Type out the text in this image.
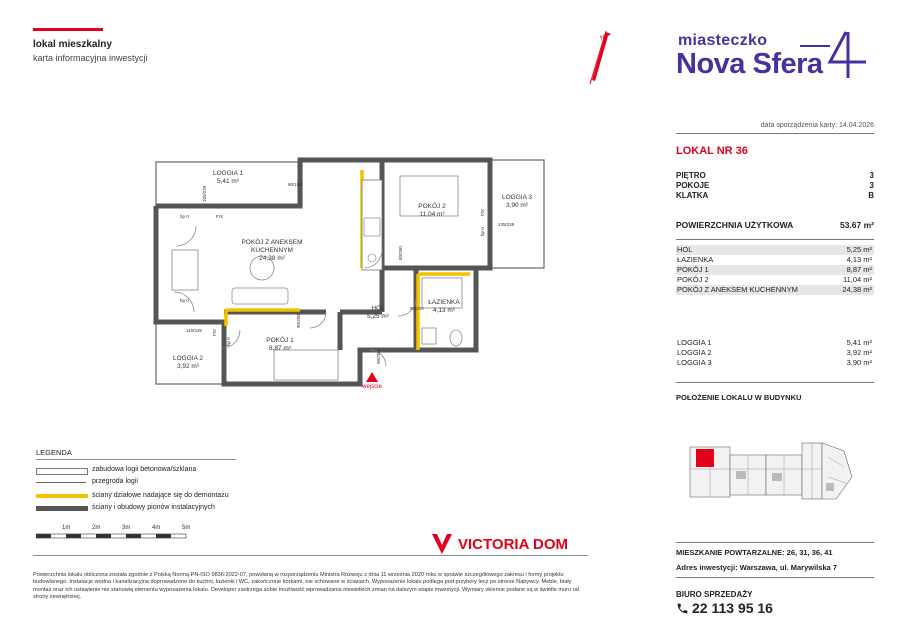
lokal mieszkalny
karta informacyjna inwestycji
N	miasteczko
Nova Sfera
data sporządzenia karty: 14.04.2026
LOKAL NR 36
PIĘTRO	3
POKOJE	3
KLATKA	B
POWIERZCHNIA UŻYTKOWA	53.67 m²
HOL	5,25 m²
ŁAZIENKA	4,13 m²
POKÓJ 1	8,87 m²
POKÓJ 2	11,04 m²
POKÓJ Z ANEKSEM KUCHENNYM	24,38 m²
LOGGIA 1	5,41 m²
LOGGIA 2	3,92 m²
LOGGIA 3	3,90 m²
POŁOŻENIE LOKALU W BUDYNKU
MIESZKANIE POWTARZALNE: 26, 31, 36, 41
Adres inwestycji: Warszawa, ul. Marywilska 7
BIURO SPRZEDAŻY
22 113 95 16
wejście
LOGGIA 1
5,41 m²
LOGGIA 3
3,90 m²
LOGGIA 2
3,92 m²
POKÓJ Z ANEKSEM
KUCHENNYM
24,38 m²
POKÓJ 2
11,04 m²
POKÓJ 1
8,87 m²
HOL
5,25 m²
ŁAZIENKA
4,13 m²
80/200
90/200
80/200
90/200
160/239
90/154
135/239
110/239
hp 0
hp 0
hp 0
hp 0
FIX
FIX
FIX
LEGENDA
zabudowa logii betonowa/szklana
przegroda logii
ściany działowe nadające się do demontażu
ściany i obudowy pionów instalacyjnych
1m	2m	3m	4m	5m
VICTORIA DOM
Powierzchnia lokalu obliczona została zgodnie z Polską Normą PN-ISO 9836:2022-07, powołaną w rozporządzeniu Ministra Rozwoju z dnia 11 września 2020 roku w sprawie szczegółowego zakresu i formy projektu budowlanego. Instalacje wodna i kanalizacyjna doprowadzone do kuchni, łazienki i WC, zakończone korkami, nie schowane w ścianach. Wyposażenie lokalu podlega pod przybory lecz po stronie Nabywcy. Meble, biały montaż oraz ich ustawienie nie stanowią elementu wyposażenia lokalu. Developer zastrzega sobie możliwość wprowadzania niewielkich zmian na dalszym etapie inwestycji. Wymiary okienne podane są w świetle muru od strony zewnętrznej.
